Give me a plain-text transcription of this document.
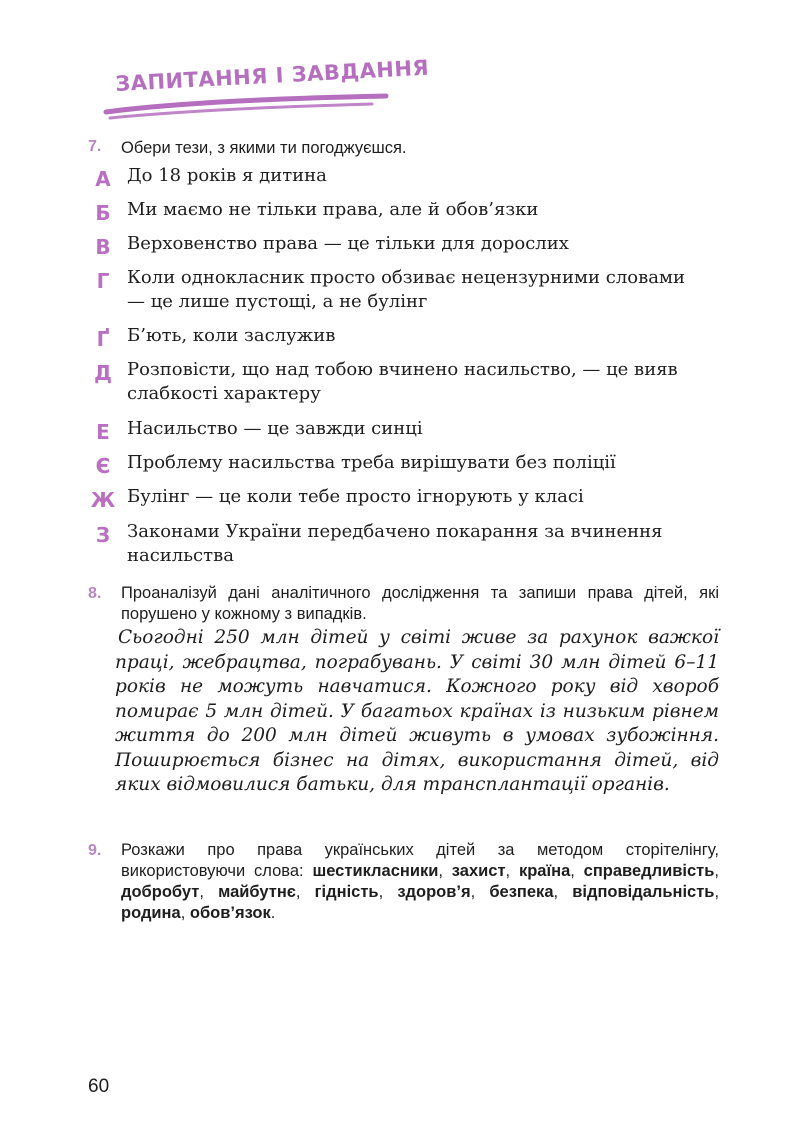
ЗАПИТАННЯ І ЗАВДАННЯ
7. Обери тези, з якими ти погоджуєшся.
А До 18 років я дитина
Б Ми маємо не тільки права, але й обов’язки
В Верховенство права — це тільки для дорослих
Г Коли однокласник просто обзиває нецензурними словами — це лише пустощі, а не булінг
Ґ Б’ють, коли заслужив
Д Розповісти, що над тобою вчинено насильство, — це вияв слабкості характеру
Е Насильство — це завжди синці
Є Проблему насильства треба вирішувати без поліції
Ж Булінг — це коли тебе просто ігнорують у класі
З Законами України передбачено покарання за вчинення насильства
8. Проаналізуй дані аналітичного дослідження та запиши права дітей, які порушено у кожному з випадків.
Сьогодні 250 млн дітей у світі живе за рахунок важкої праці, жебрацтва, пограбувань. У світі 30 млн дітей 6–11 років не можуть навчатися. Кожного року від хвороб помирає 5 млн дітей. У багатьох країнах із низьким рівнем життя до 200 млн дітей живуть в умовах зубожіння. Поширюється бізнес на дітях, використання дітей, від яких відмовилися батьки, для трансплантації органів.
9. Розкажи про права українських дітей за методом сторітелінгу, використовуючи слова: шестикласники, захист, країна, справедливість, добробут, майбутнє, гідність, здоров’я, безпека, відповідальність, родина, обов’язок.
60
